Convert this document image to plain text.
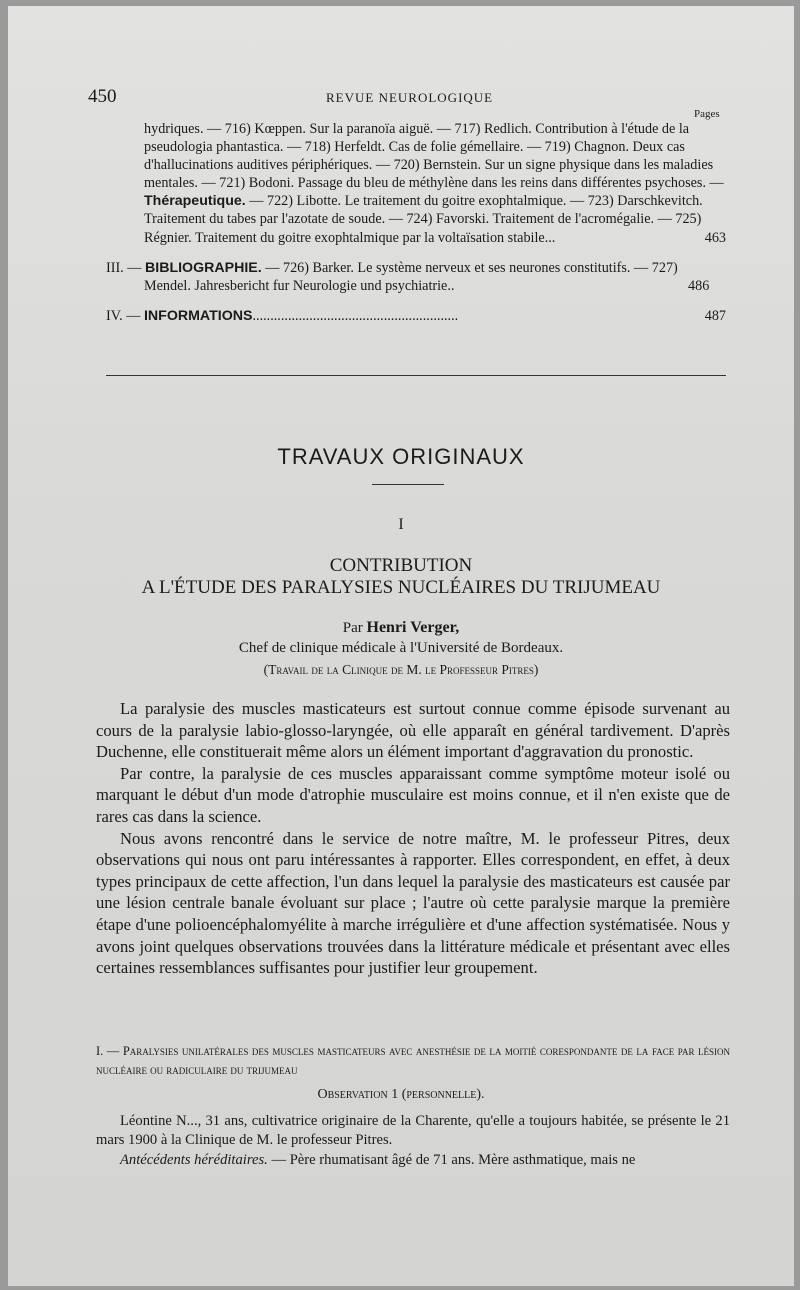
450	REVUE NEUROLOGIQUE
Pages

hydriques. — 716) Kœppen. Sur la paranoïa aiguë. — 717) Redlich. Contribution à l'étude de la pseudologia phantastica. — 718) Herfeldt. Cas de folie gémellaire. — 719) Chagnon. Deux cas d'hallucinations auditives périphériques. — 720) Bernstein. Sur un signe physique dans les maladies mentales. — 721) Bodoni. Passage du bleu de méthylène dans les reins dans différentes psychoses. — Thérapeutique. — 722) Libotte. Le traitement du goitre exophtalmique. — 723) Darschkevitch. Traitement du tabes par l'azotate de soude. — 724) Favorski. Traitement de l'acromégalie. — 725) Régnier. Traitement du goitre exophtalmique par la voltaïsation stabile...	463

III. — BIBLIOGRAPHIE. — 726) Barker. Le système nerveux et ses neurones constitutifs. — 727) Mendel. Jahresbericht fur Neurologie und psychiatrie..	486

IV. — INFORMATIONS..........................................................	487

TRAVAUX ORIGINAUX
I
CONTRIBUTION
A L'ÉTUDE DES PARALYSIES NUCLÉAIRES DU TRIJUMEAU
Par Henri Verger,
Chef de clinique médicale à l'Université de Bordeaux.
(Travail de la Clinique de M. le Professeur Pitres)

La paralysie des muscles masticateurs est surtout connue comme épisode survenant au cours de la paralysie labio-glosso-laryngée, où elle apparaît en général tardivement. D'après Duchenne, elle constituerait même alors un élément important d'aggravation du pronostic.

Par contre, la paralysie de ces muscles apparaissant comme symptôme moteur isolé ou marquant le début d'un mode d'atrophie musculaire est moins connue, et il n'en existe que de rares cas dans la science.

Nous avons rencontré dans le service de notre maître, M. le professeur Pitres, deux observations qui nous ont paru intéressantes à rapporter. Elles correspondent, en effet, à deux types principaux de cette affection, l'un dans lequel la paralysie des masticateurs est causée par une lésion centrale banale évoluant sur place ; l'autre où cette paralysie marque la première étape d'une polioencéphalomyélite à marche irrégulière et d'une affection systématisée. Nous y avons joint quelques observations trouvées dans la littérature médicale et présentant avec elles certaines ressemblances suffisantes pour justifier leur groupement.

I. — Paralysies unilatérales des muscles masticateurs avec anesthésie de la moitié corespondante de la face par lésion nucléaire ou radiculaire du trijumeau

Observation 1 (personnelle).

Léontine N..., 31 ans, cultivatrice originaire de la Charente, qu'elle a toujours habitée, se présente le 21 mars 1900 à la Clinique de M. le professeur Pitres.

Antécédents héréditaires. — Père rhumatisant âgé de 71 ans. Mère asthmatique, mais ne
